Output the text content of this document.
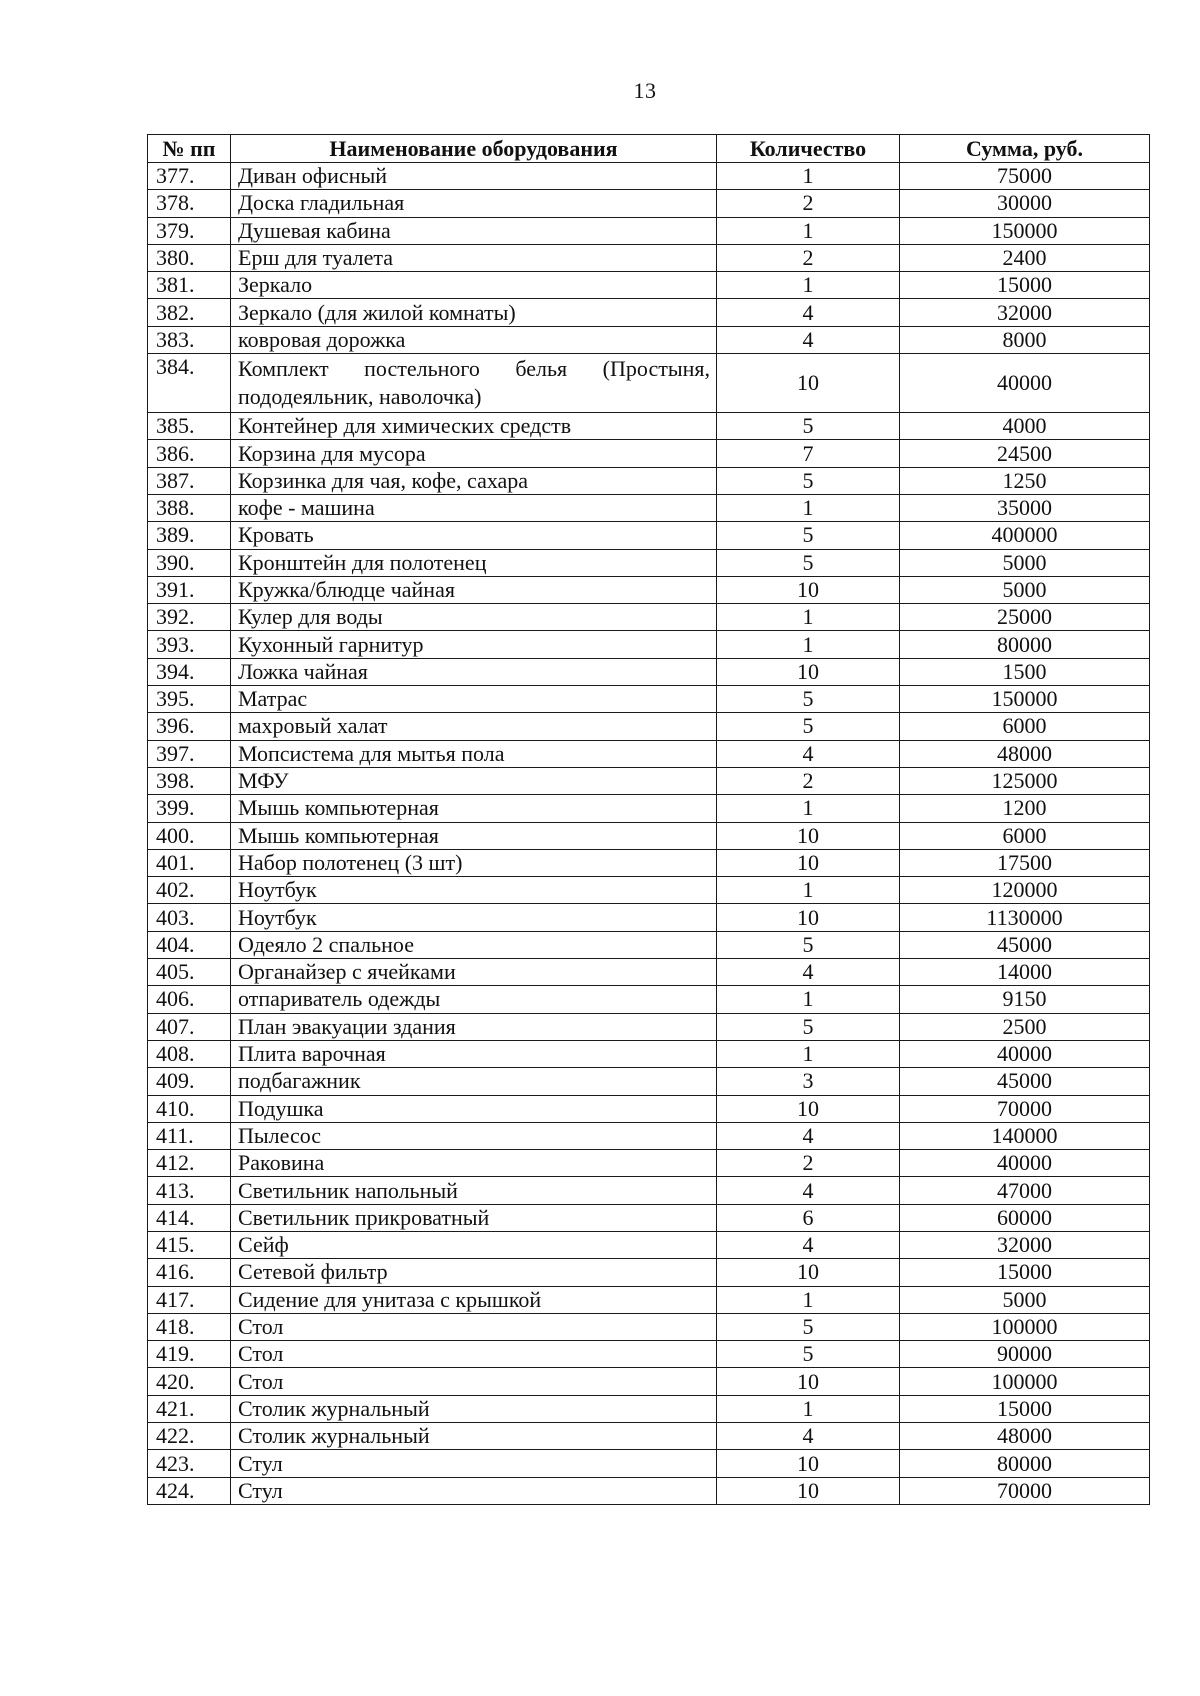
13
№ пп	Наименование оборудования	Количество	Сумма, руб.
377.	Диван офисный	1	75000
378.	Доска гладильная	2	30000
379.	Душевая кабина	1	150000
380.	Ерш для туалета	2	2400
381.	Зеркало	1	15000
382.	Зеркало (для жилой комнаты)	4	32000
383.	ковровая дорожка	4	8000
384.	Комплект постельного белья (Простыня, пододеяльник, наволочка)	10	40000
385.	Контейнер для химических средств	5	4000
386.	Корзина для мусора	7	24500
387.	Корзинка для чая, кофе, сахара	5	1250
388.	кофе - машина	1	35000
389.	Кровать	5	400000
390.	Кронштейн для полотенец	5	5000
391.	Кружка/блюдце чайная	10	5000
392.	Кулер для воды	1	25000
393.	Кухонный гарнитур	1	80000
394.	Ложка чайная	10	1500
395.	Матрас	5	150000
396.	махровый халат	5	6000
397.	Мопсистема для мытья пола	4	48000
398.	МФУ	2	125000
399.	Мышь компьютерная	1	1200
400.	Мышь компьютерная	10	6000
401.	Набор полотенец (3 шт)	10	17500
402.	Ноутбук	1	120000
403.	Ноутбук	10	1130000
404.	Одеяло 2 спальное	5	45000
405.	Органайзер с ячейками	4	14000
406.	отпариватель одежды	1	9150
407.	План эвакуации здания	5	2500
408.	Плита варочная	1	40000
409.	подбагажник	3	45000
410.	Подушка	10	70000
411.	Пылесос	4	140000
412.	Раковина	2	40000
413.	Светильник напольный	4	47000
414.	Светильник прикроватный	6	60000
415.	Сейф	4	32000
416.	Сетевой фильтр	10	15000
417.	Сидение для унитаза с крышкой	1	5000
418.	Стол	5	100000
419.	Стол	5	90000
420.	Стол	10	100000
421.	Столик журнальный	1	15000
422.	Столик журнальный	4	48000
423.	Стул	10	80000
424.	Стул	10	70000
